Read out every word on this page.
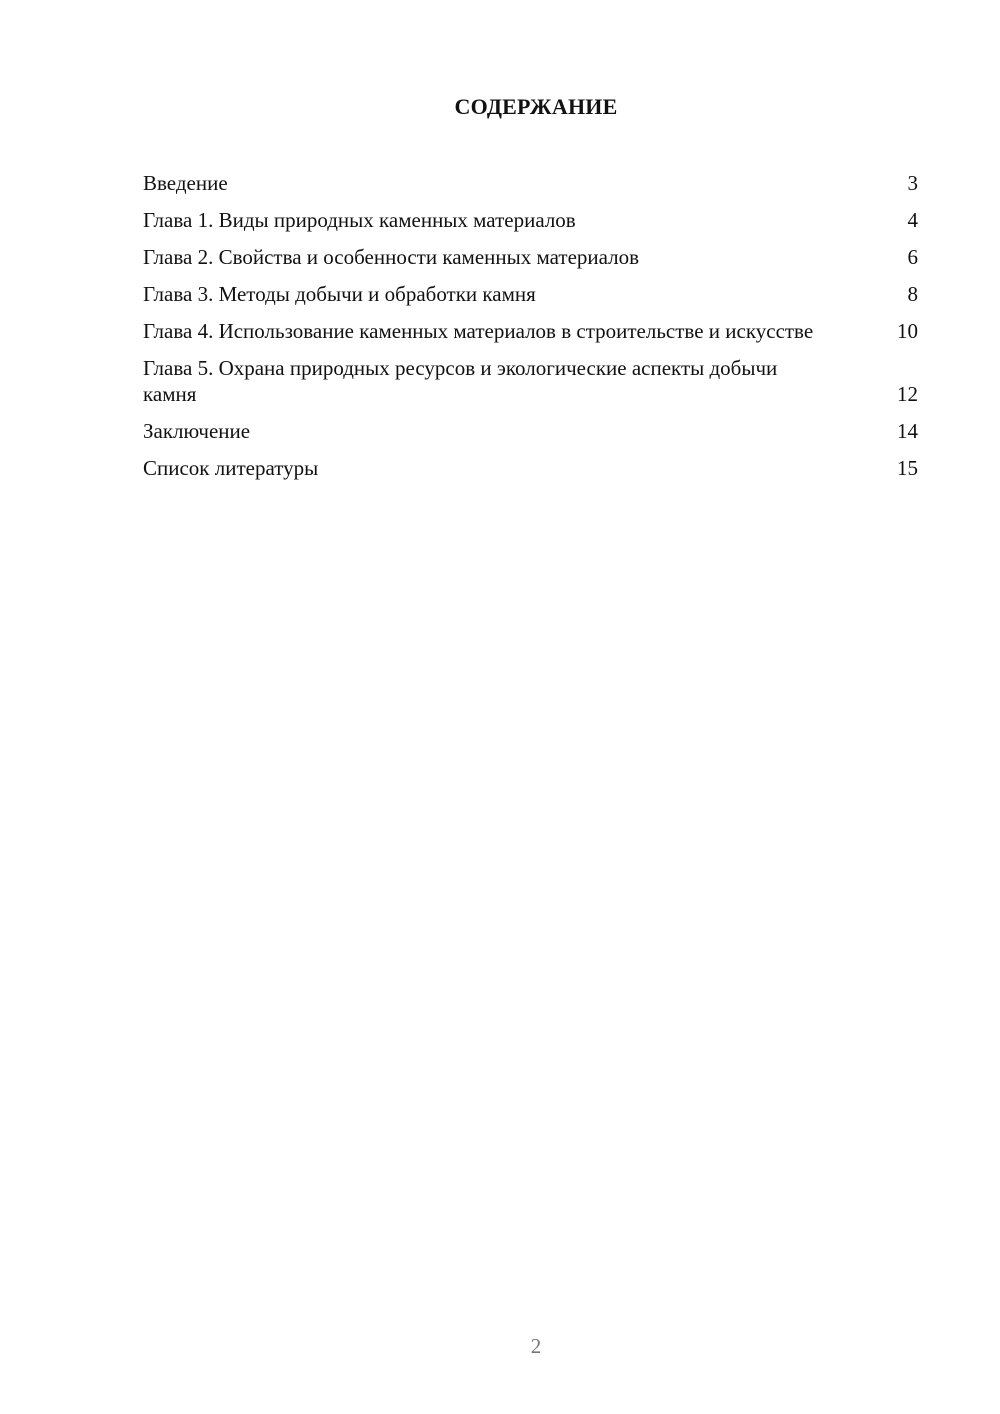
СОДЕРЖАНИЕ
Введение	3
Глава 1. Виды природных каменных материалов	4
Глава 2. Свойства и особенности каменных материалов	6
Глава 3. Методы добычи и обработки камня	8
Глава 4. Использование каменных материалов в строительстве и искусстве	10
Глава 5. Охрана природных ресурсов и экологические аспекты добычи камня	12
Заключение	14
Список литературы	15
2
